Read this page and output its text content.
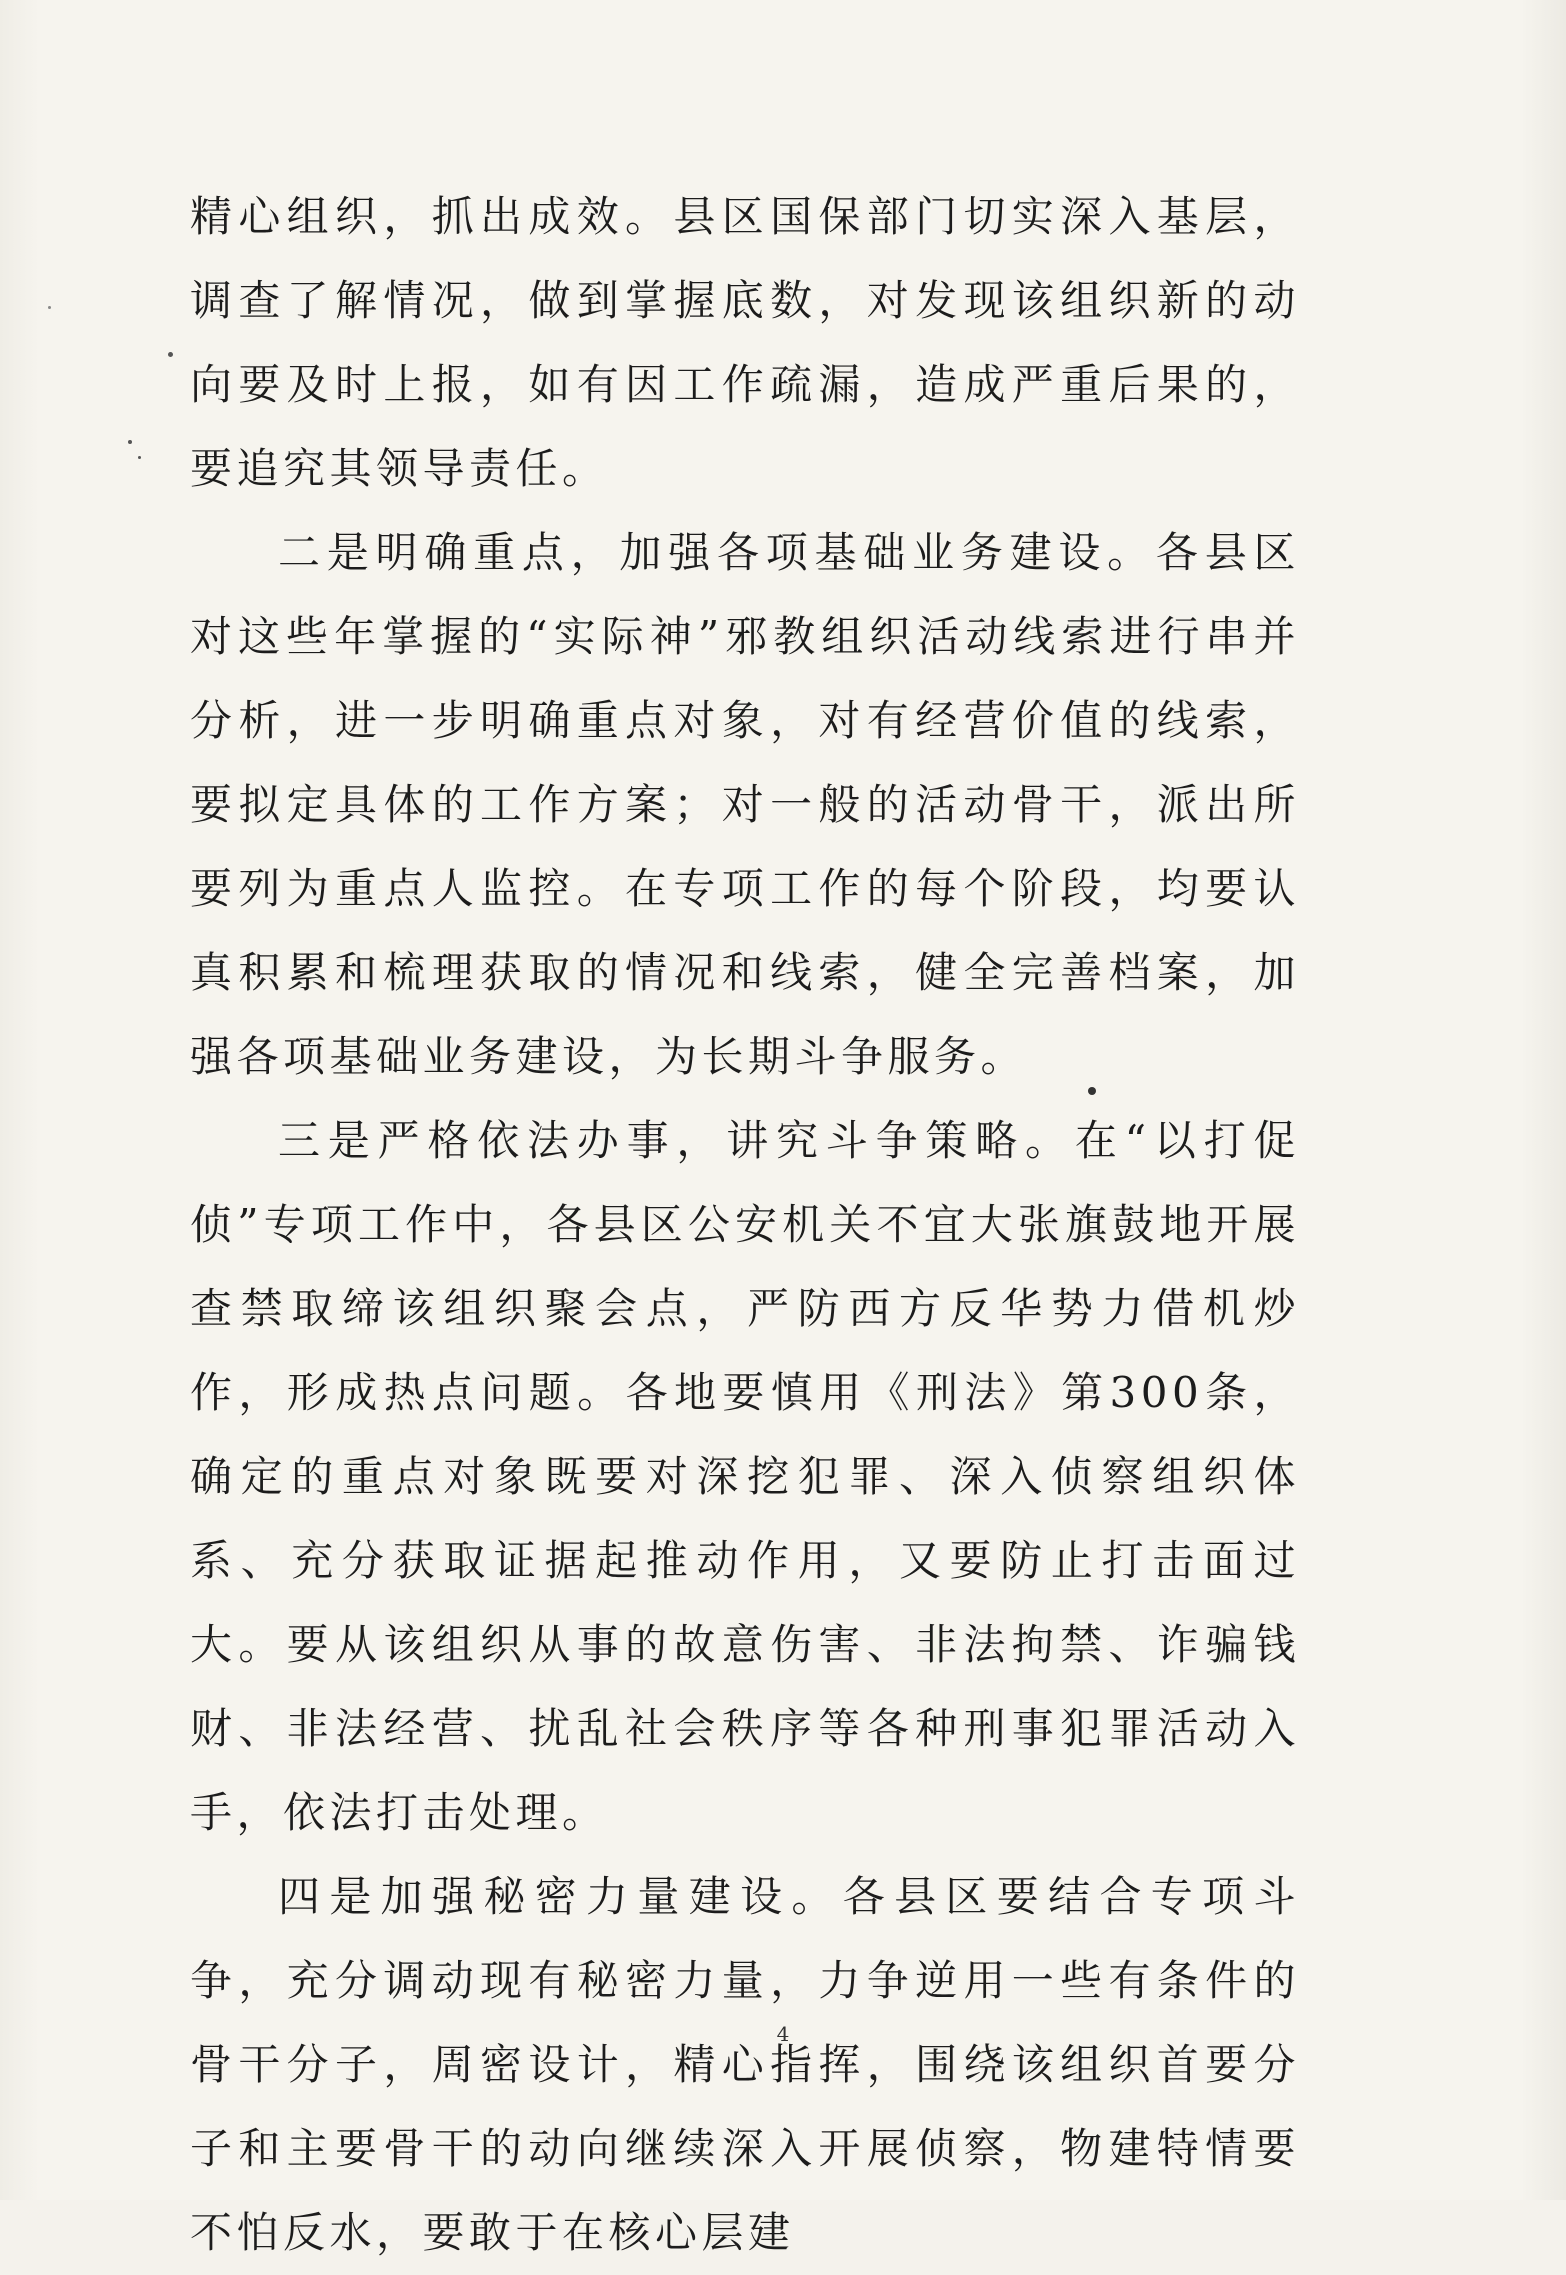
精心组织，抓出成效。县区国保部门切实深入基层，调查了解情况，做到掌握底数，对发现该组织新的动向要及时上报，如有因工作疏漏，造成严重后果的，要追究其领导责任。

二是明确重点，加强各项基础业务建设。各县区对这些年掌握的“实际神”邪教组织活动线索进行串并分析，进一步明确重点对象，对有经营价值的线索，要拟定具体的工作方案；对一般的活动骨干，派出所要列为重点人监控。在专项工作的每个阶段，均要认真积累和梳理获取的情况和线索，健全完善档案，加强各项基础业务建设，为长期斗争服务。

三是严格依法办事，讲究斗争策略。在“以打促侦”专项工作中，各县区公安机关不宜大张旗鼓地开展查禁取缔该组织聚会点，严防西方反华势力借机炒作，形成热点问题。各地要慎用《刑法》第300条，确定的重点对象既要对深挖犯罪、深入侦察组织体系、充分获取证据起推动作用，又要防止打击面过大。要从该组织从事的故意伤害、非法拘禁、诈骗钱财、非法经营、扰乱社会秩序等各种刑事犯罪活动入手，依法打击处理。

四是加强秘密力量建设。各县区要结合专项斗争，充分调动现有秘密力量，力争逆用一些有条件的骨干分子，周密设计，精心指挥，围绕该组织首要分子和主要骨干的动向继续深入开展侦察，物建特情要不怕反水，要敢于在核心层建

4
